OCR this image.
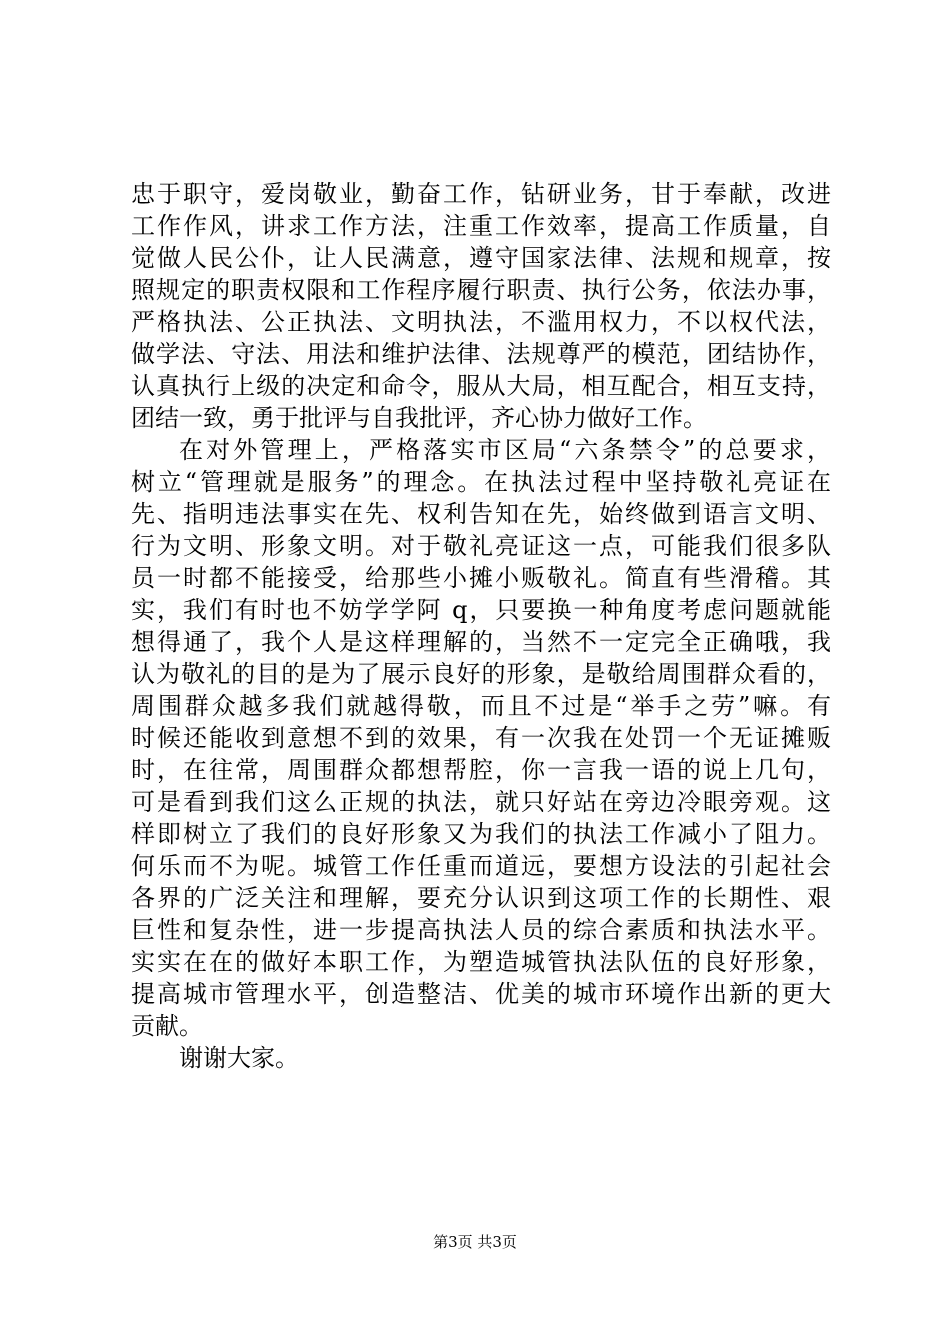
忠于职守，爱岗敬业，勤奋工作，钻研业务，甘于奉献，改进
工作作风，讲求工作方法，注重工作效率，提高工作质量，自
觉做人民公仆，让人民满意，遵守国家法律、法规和规章，按
照规定的职责权限和工作程序履行职责、执行公务，依法办事，
严格执法、公正执法、文明执法，不滥用权力，不以权代法，
做学法、守法、用法和维护法律、法规尊严的模范，团结协作，
认真执行上级的决定和命令，服从大局，相互配合，相互支持，
团结一致，勇于批评与自我批评，齐心协力做好工作。
在对外管理上，严格落实市区局“六条禁令”的总要求，
树立“管理就是服务”的理念。在执法过程中坚持敬礼亮证在
先、指明违法事实在先、权利告知在先，始终做到语言文明、
行为文明、形象文明。对于敬礼亮证这一点，可能我们很多队
员一时都不能接受，给那些小摊小贩敬礼。简直有些滑稽。其
实，我们有时也不妨学学阿 q，只要换一种角度考虑问题就能
想得通了，我个人是这样理解的，当然不一定完全正确哦，我
认为敬礼的目的是为了展示良好的形象，是敬给周围群众看的，
周围群众越多我们就越得敬，而且不过是“举手之劳”嘛。有
时候还能收到意想不到的效果，有一次我在处罚一个无证摊贩
时，在往常，周围群众都想帮腔，你一言我一语的说上几句，
可是看到我们这么正规的执法，就只好站在旁边冷眼旁观。这
样即树立了我们的良好形象又为我们的执法工作减小了阻力。
何乐而不为呢。城管工作任重而道远，要想方设法的引起社会
各界的广泛关注和理解，要充分认识到这项工作的长期性、艰
巨性和复杂性，进一步提高执法人员的综合素质和执法水平。
实实在在的做好本职工作，为塑造城管执法队伍的良好形象，
提高城市管理水平，创造整洁、优美的城市环境作出新的更大
贡献。
谢谢大家。
第3页 共3页
